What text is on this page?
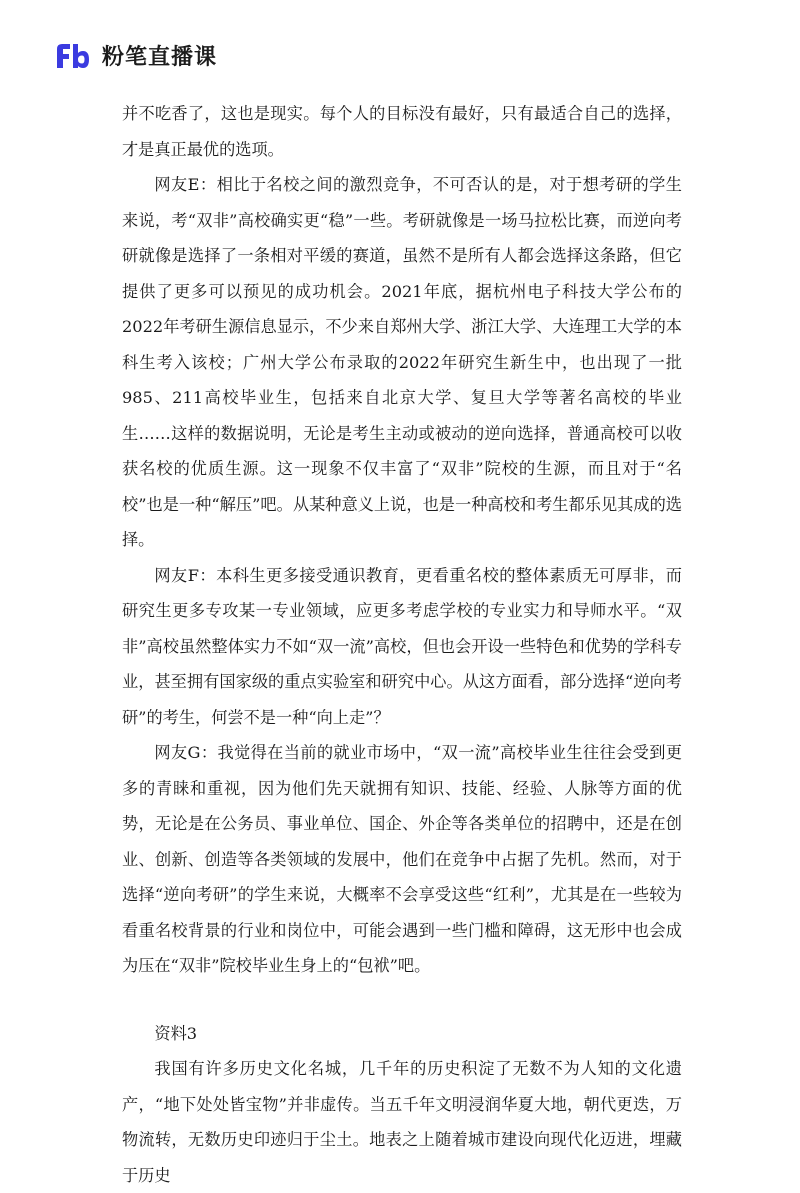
粉笔直播课

并不吃香了，这也是现实。每个人的目标没有最好，只有最适合自己的选择，才是真正最优的选项。

网友E：相比于名校之间的激烈竞争，不可否认的是，对于想考研的学生来说，考“双非”高校确实更“稳”一些。考研就像是一场马拉松比赛，而逆向考研就像是选择了一条相对平缓的赛道，虽然不是所有人都会选择这条路，但它提供了更多可以预见的成功机会。2021年底，据杭州电子科技大学公布的2022年考研生源信息显示，不少来自郑州大学、浙江大学、大连理工大学的本科生考入该校；广州大学公布录取的2022年研究生新生中，也出现了一批985、211高校毕业生，包括来自北京大学、复旦大学等著名高校的毕业生……这样的数据说明，无论是考生主动或被动的逆向选择，普通高校可以收获名校的优质生源。这一现象不仅丰富了“双非”院校的生源，而且对于“名校”也是一种“解压”吧。从某种意义上说，也是一种高校和考生都乐见其成的选择。

网友F：本科生更多接受通识教育，更看重名校的整体素质无可厚非，而研究生更多专攻某一专业领域，应更多考虑学校的专业实力和导师水平。“双非”高校虽然整体实力不如“双一流”高校，但也会开设一些特色和优势的学科专业，甚至拥有国家级的重点实验室和研究中心。从这方面看，部分选择“逆向考研”的考生，何尝不是一种“向上走”？

网友G：我觉得在当前的就业市场中，“双一流”高校毕业生往往会受到更多的青睐和重视，因为他们先天就拥有知识、技能、经验、人脉等方面的优势，无论是在公务员、事业单位、国企、外企等各类单位的招聘中，还是在创业、创新、创造等各类领域的发展中，他们在竞争中占据了先机。然而，对于选择“逆向考研”的学生来说，大概率不会享受这些“红利”，尤其是在一些较为看重名校背景的行业和岗位中，可能会遇到一些门槛和障碍，这无形中也会成为压在“双非”院校毕业生身上的“包袱”吧。

资料3

我国有许多历史文化名城，几千年的历史积淀了无数不为人知的文化遗产，“地下处处皆宝物”并非虚传。当五千年文明浸润华夏大地，朝代更迭，万物流转，无数历史印迹归于尘土。地表之上随着城市建设向现代化迈进，埋藏于历史
